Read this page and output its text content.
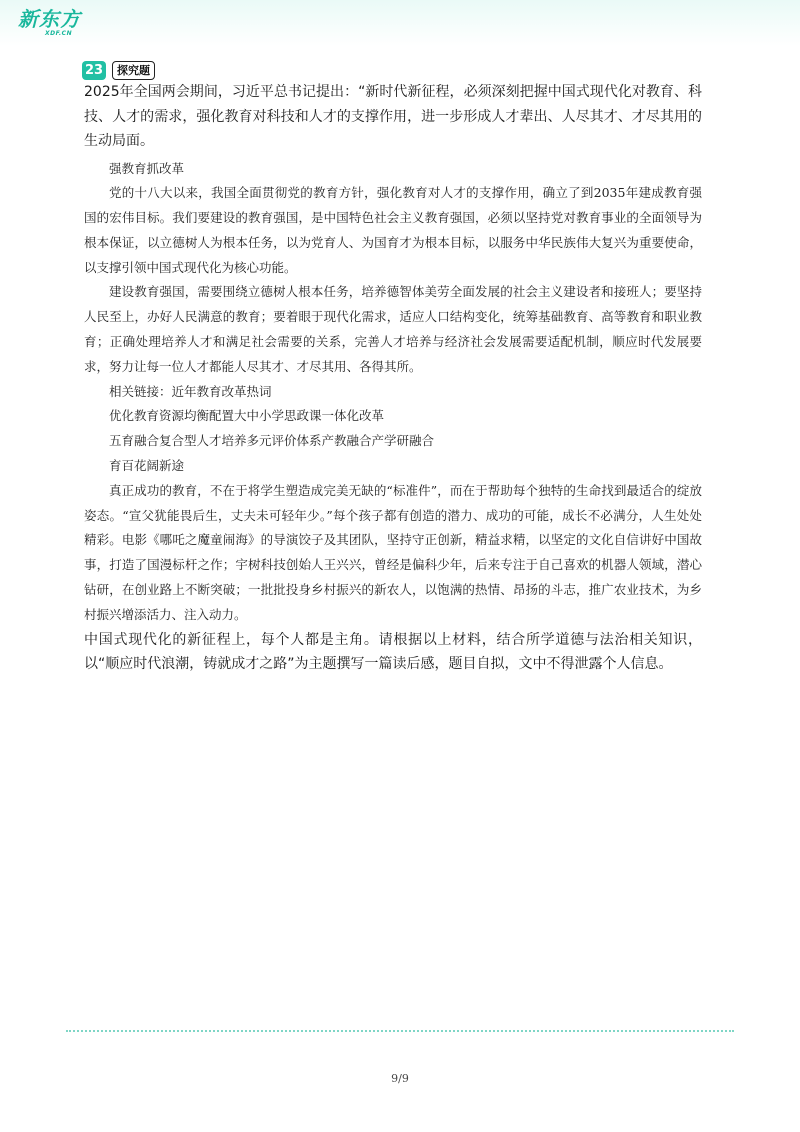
新东方
XDF.CN
23	探究题

2025年全国两会期间，习近平总书记提出：“新时代新征程，必须深刻把握中国式现代化对教育、科技、人才的需求，强化教育对科技和人才的支撑作用，进一步形成人才辈出、人尽其才、才尽其用的生动局面。

强教育抓改革

党的十八大以来，我国全面贯彻党的教育方针，强化教育对人才的支撑作用，确立了到2035年建成教育强国的宏伟目标。我们要建设的教育强国，是中国特色社会主义教育强国，必须以坚持党对教育事业的全面领导为根本保证，以立德树人为根本任务，以为党育人、为国育才为根本目标，以服务中华民族伟大复兴为重要使命，以支撑引领中国式现代化为核心功能。

建设教育强国，需要围绕立德树人根本任务，培养德智体美劳全面发展的社会主义建设者和接班人；要坚持人民至上，办好人民满意的教育；要着眼于现代化需求，适应人口结构变化，统筹基础教育、高等教育和职业教育；正确处理培养人才和满足社会需要的关系，完善人才培养与经济社会发展需要适配机制，顺应时代发展要求，努力让每一位人才都能人尽其才、才尽其用、各得其所。

相关链接：近年教育改革热词

优化教育资源均衡配置大中小学思政课一体化改革

五育融合复合型人才培养多元评价体系产教融合产学研融合

育百花阔新途

真正成功的教育，不在于将学生塑造成完美无缺的“标准件”，而在于帮助每个独特的生命找到最适合的绽放姿态。“宣父犹能畏后生，丈夫未可轻年少。”每个孩子都有创造的潜力、成功的可能，成长不必满分，人生处处精彩。电影《哪吒之魔童闹海》的导演饺子及其团队，坚持守正创新，精益求精，以坚定的文化自信讲好中国故事，打造了国漫标杆之作；宇树科技创始人王兴兴，曾经是偏科少年，后来专注于自己喜欢的机器人领域，潜心钻研，在创业路上不断突破；一批批投身乡村振兴的新农人，以饱满的热情、昂扬的斗志，推广农业技术，为乡村振兴增添活力、注入动力。

中国式现代化的新征程上，每个人都是主角。请根据以上材料，结合所学道德与法治相关知识，以“顺应时代浪潮，铸就成才之路”为主题撰写一篇读后感，题目自拟，文中不得泄露个人信息。

9/9
